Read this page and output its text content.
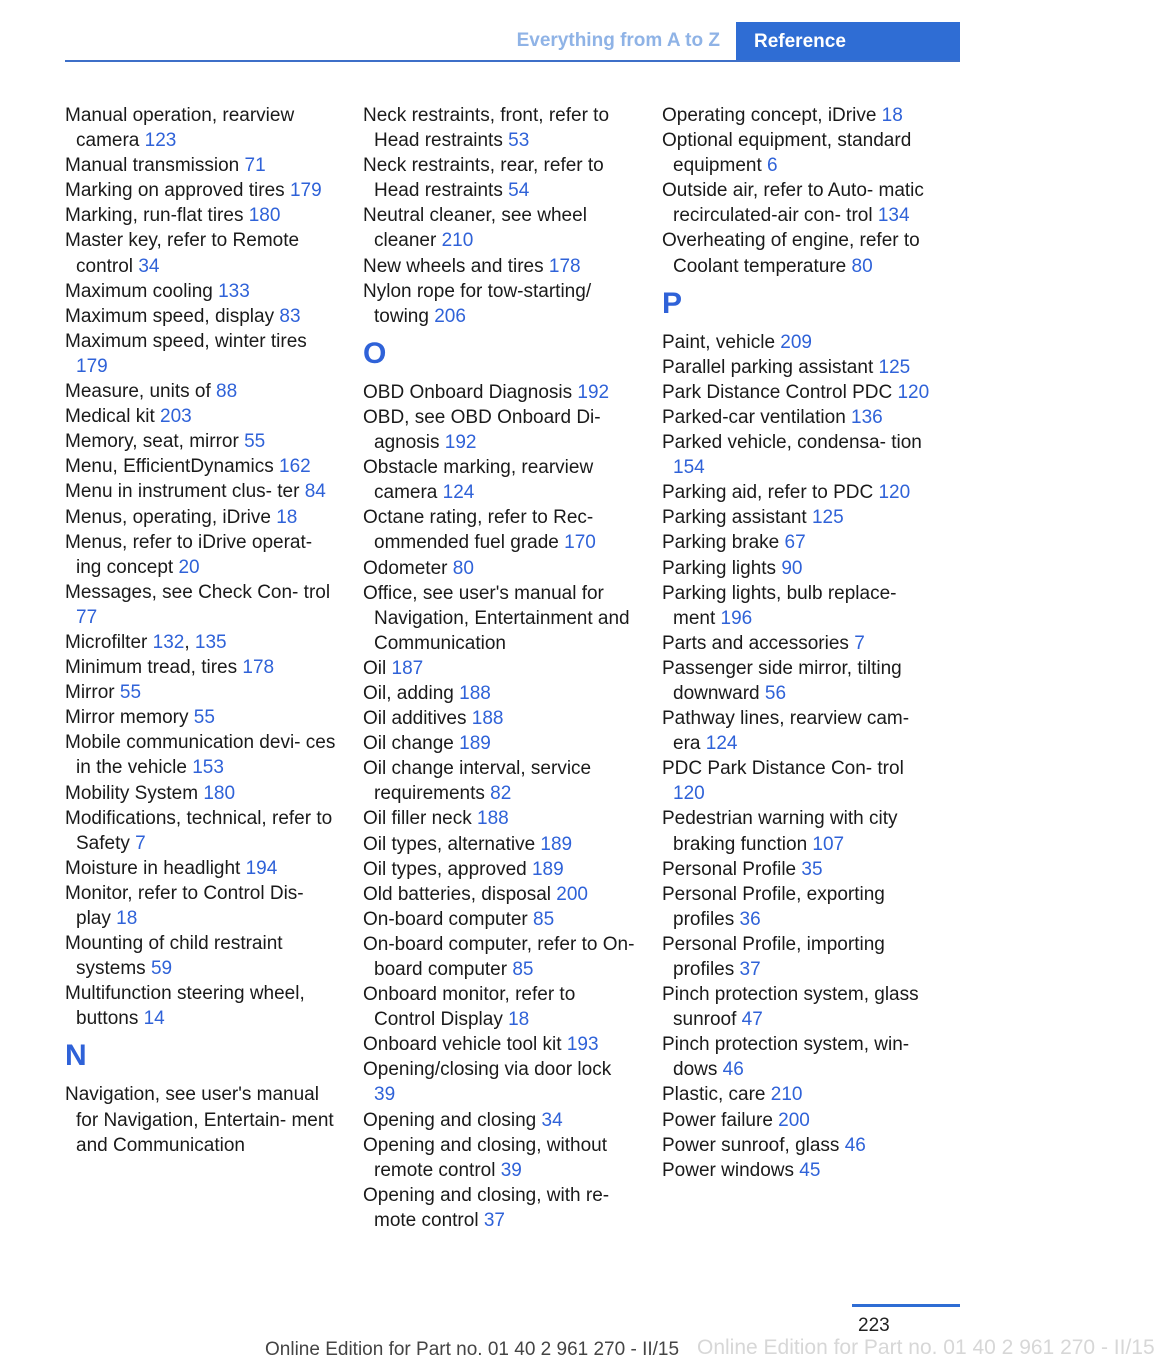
Everything from A to Z	Reference
Manual operation, rearview camera 123
Manual transmission 71
Marking on approved tires 179
Marking, run-flat tires 180
Master key, refer to Remote control 34
Maximum cooling 133
Maximum speed, display 83
Maximum speed, winter tires 179
Measure, units of 88
Medical kit 203
Memory, seat, mirror 55
Menu, EfficientDynamics 162
Menu in instrument clus‐ ter 84
Menus, operating, iDrive 18
Menus, refer to iDrive operat‐ ing concept 20
Messages, see Check Con‐ trol 77
Microfilter 132, 135
Minimum tread, tires 178
Mirror 55
Mirror memory 55
Mobile communication devi‐ ces in the vehicle 153
Mobility System 180
Modifications, technical, refer to Safety 7
Moisture in headlight 194
Monitor, refer to Control Dis‐ play 18
Mounting of child restraint systems 59
Multifunction steering wheel, buttons 14
N
Navigation, see user's manual for Navigation, Entertain‐ ment and Communication
Neck restraints, front, refer to Head restraints 53
Neck restraints, rear, refer to Head restraints 54
Neutral cleaner, see wheel cleaner 210
New wheels and tires 178
Nylon rope for tow-starting/ towing 206
O
OBD Onboard Diagnosis 192
OBD, see OBD Onboard Di‐ agnosis 192
Obstacle marking, rearview camera 124
Octane rating, refer to Rec‐ ommended fuel grade 170
Odometer 80
Office, see user's manual for Navigation, Entertainment and Communication
Oil 187
Oil, adding 188
Oil additives 188
Oil change 189
Oil change interval, service requirements 82
Oil filler neck 188
Oil types, alternative 189
Oil types, approved 189
Old batteries, disposal 200
On-board computer 85
On-board computer, refer to On-board computer 85
Onboard monitor, refer to Control Display 18
Onboard vehicle tool kit 193
Opening/closing via door lock 39
Opening and closing 34
Opening and closing, without remote control 39
Opening and closing, with re‐ mote control 37
Operating concept, iDrive 18
Optional equipment, standard equipment 6
Outside air, refer to Auto‐ matic recirculated-air con‐ trol 134
Overheating of engine, refer to Coolant temperature 80
P
Paint, vehicle 209
Parallel parking assistant 125
Park Distance Control PDC 120
Parked-car ventilation 136
Parked vehicle, condensa‐ tion 154
Parking aid, refer to PDC 120
Parking assistant 125
Parking brake 67
Parking lights 90
Parking lights, bulb replace‐ ment 196
Parts and accessories 7
Passenger side mirror, tilting downward 56
Pathway lines, rearview cam‐ era 124
PDC Park Distance Con‐ trol 120
Pedestrian warning with city braking function 107
Personal Profile 35
Personal Profile, exporting profiles 36
Personal Profile, importing profiles 37
Pinch protection system, glass sunroof 47
Pinch protection system, win‐ dows 46
Plastic, care 210
Power failure 200
Power sunroof, glass 46
Power windows 45
223
Online Edition for Part no. 01 40 2 961 270 - II/15 Online Edition for Part no. 01 40 2 961 270 - II/15
